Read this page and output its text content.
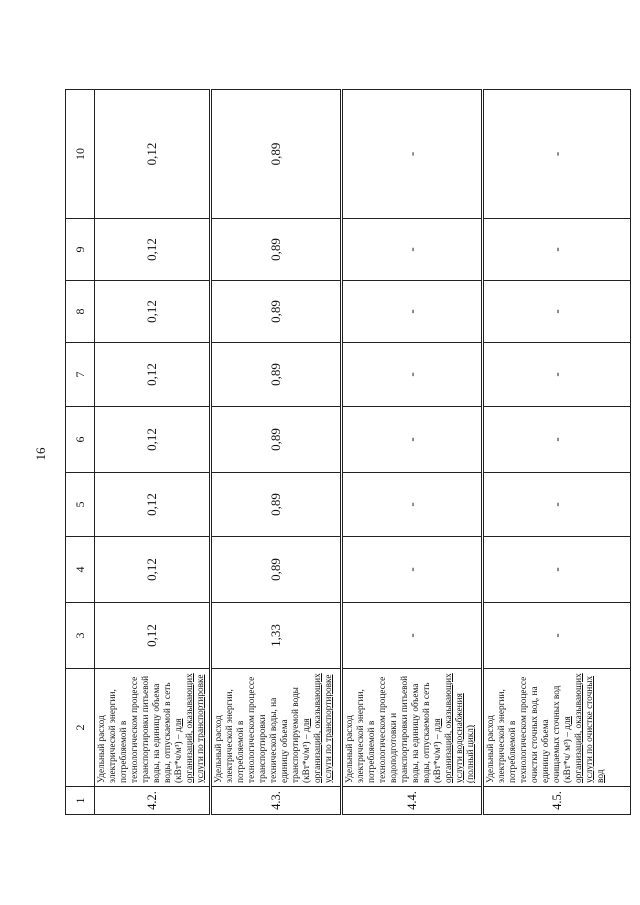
16
1	2	3	4	5	6	7	8	9	10
4.2.	Удельный расход электрической энергии, потребляемой в технологическом процессе транспортировки питьевой воды, на единицу объема воды, отпускаемой в сеть (кВт*ч/м³) – для организаций, оказывающих услуги по транспортировке	0,12	0,12	0,12	0,12	0,12	0,12	0,12	0,12
4.3.	Удельный расход электрической энергии, потребляемой в технологическом процессе транспортировки технической воды, на единицу объема транспортируемой воды (кВт*ч/м³) – для организаций, оказывающих услуги по транспортировке	1,33	0,89	0,89	0,89	0,89	0,89	0,89	0,89
4.4.	Удельный расход электрической энергии, потребляемой в технологическом процессе водоподготовки и транспортировки питьевой воды, на единицу объема воды, отпускаемой в сеть (кВт*ч/м³) – для организаций, оказывающих услуги водоснабжения (полный цикл)	-	-	-	-	-	-	-	-
4.5.	Удельный расход электрической энергии, потребляемой в технологическом процессе очистки сточных вод, на единицу объема очищаемых сточных вод (кВт*ч/ м³) – для организаций, оказывающих услуги по очистке сточных вод	-	-	-	-	-	-	-	-
